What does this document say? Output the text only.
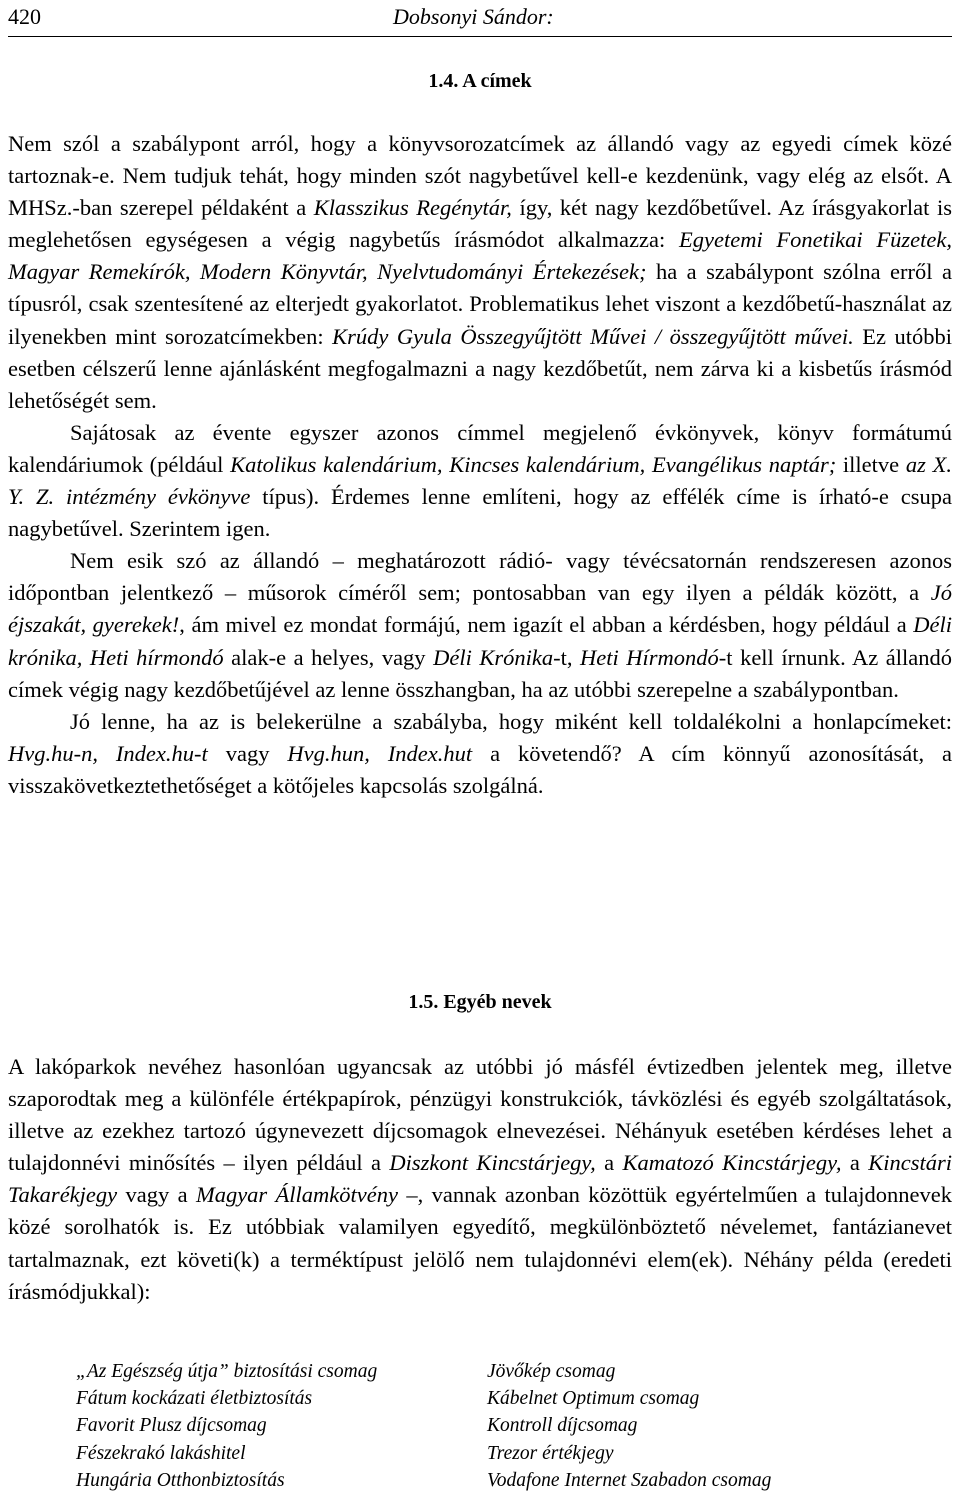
420	Dobsonyi Sándor:
1.4. A címek

Nem szól a szabálypont arról, hogy a könyvsorozatcímek az állandó vagy az egyedi címek közé tartoznak-e. Nem tudjuk tehát, hogy minden szót nagybetűvel kell-e kezdenünk, vagy elég az elsőt. A MHSz.-ban szerepel példaként a Klasszikus Regénytár, így, két nagy kezdőbetűvel. Az írásgyakorlat is meglehetősen egységesen a végig nagybetűs írásmódot alkalmazza: Egyetemi Fonetikai Füzetek, Magyar Remekírók, Modern Könyvtár, Nyelvtudományi Értekezések; ha a szabálypont szólna erről a típusról, csak szentesítené az elterjedt gyakorlatot. Problematikus lehet viszont a kezdőbetű-használat az ilyenekben mint sorozatcímekben: Krúdy Gyula Összegyűjtött Művei / összegyűjtött művei. Ez utóbbi esetben célszerű lenne ajánlásként megfogalmazni a nagy kezdőbetűt, nem zárva ki a kisbetűs írásmód lehetőségét sem.

Sajátosak az évente egyszer azonos címmel megjelenő évkönyvek, könyv formátumú kalendáriumok (például Katolikus kalendárium, Kincses kalendárium, Evangélikus naptár; illetve az X. Y. Z. intézmény évkönyve típus). Érdemes lenne említeni, hogy az effélék címe is írható-e csupa nagybetűvel. Szerintem igen.

Nem esik szó az állandó – meghatározott rádió- vagy tévécsatornán rendszeresen azonos időpontban jelentkező – műsorok címéről sem; pontosabban van egy ilyen a példák között, a Jó éjszakát, gyerekek!, ám mivel ez mondat formájú, nem igazít el abban a kérdésben, hogy például a Déli krónika, Heti hírmondó alak-e a helyes, vagy Déli Krónika-t, Heti Hírmondó-t kell írnunk. Az állandó címek végig nagy kezdőbetűjével az lenne összhangban, ha az utóbbi szerepelne a szabálypontban.

Jó lenne, ha az is belekerülne a szabályba, hogy miként kell toldalékolni a honlapcímeket: Hvg.hu-n, Index.hu-t vagy Hvg.hun, Index.hut a követendő? A cím könnyű azonosítását, a visszakövetkeztethetőséget a kötőjeles kapcsolás szolgálná.

1.5. Egyéb nevek

A lakóparkok nevéhez hasonlóan ugyancsak az utóbbi jó másfél évtizedben jelentek meg, illetve szaporodtak meg a különféle értékpapírok, pénzügyi konstrukciók, távközlési és egyéb szolgáltatások, illetve az ezekhez tartozó úgynevezett díjcsomagok elnevezései. Néhányuk esetében kérdéses lehet a tulajdonnévi minősítés – ilyen például a Diszkont Kincstárjegy, a Kamatozó Kincstárjegy, a Kincstári Takarékjegy vagy a Magyar Államkötvény –, vannak azonban közöttük egyértelműen a tulajdonnevek közé sorolhatók is. Ez utóbbiak valamilyen egyedítő, megkülönböztető névelemet, fantázianevet tartalmaznak, ezt követi(k) a terméktípust jelölő nem tulajdonnévi elem(ek). Néhány példa (eredeti írásmódjukkal):

„Az Egészség útja” biztosítási csomag
Fátum kockázati életbiztosítás
Favorit Plusz díjcsomag
Fészekrakó lakáshitel
Hungária Otthonbiztosítás
Jövőkép csomag
Kábelnet Optimum csomag
Kontroll díjcsomag
Trezor értékjegy
Vodafone Internet Szabadon csomag
